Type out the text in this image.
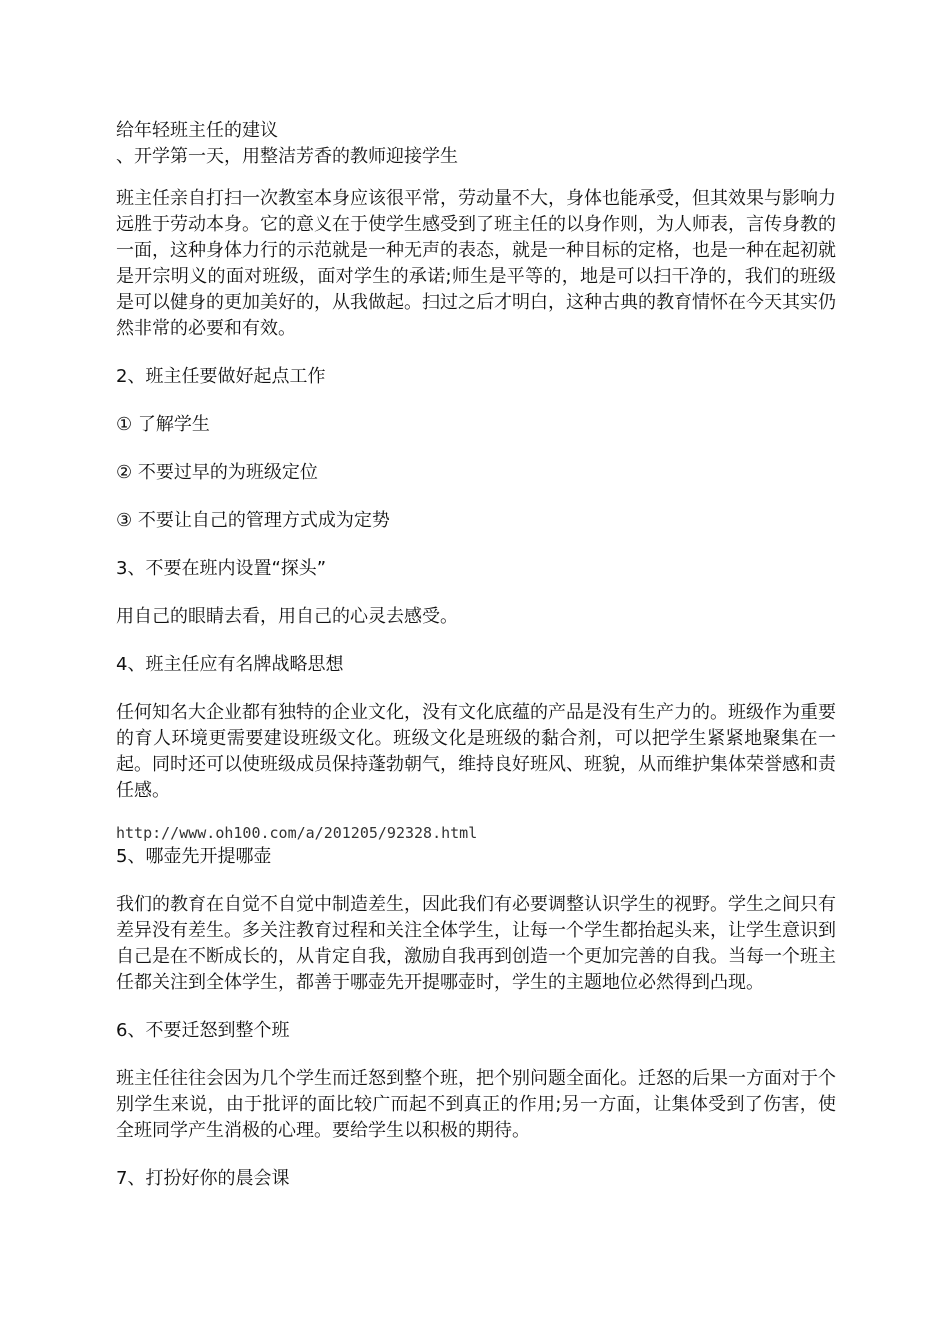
给年轻班主任的建议

、开学第一天，用整洁芳香的教师迎接学生

班主任亲自打扫一次教室本身应该很平常，劳动量不大，身体也能承受，但其效果与影响力远胜于劳动本身。它的意义在于使学生感受到了班主任的以身作则，为人师表，言传身教的一面，这种身体力行的示范就是一种无声的表态，就是一种目标的定格，也是一种在起初就是开宗明义的面对班级，面对学生的承诺;师生是平等的，地是可以扫干净的，我们的班级是可以健身的更加美好的，从我做起。扫过之后才明白，这种古典的教育情怀在今天其实仍然非常的必要和有效。

2、班主任要做好起点工作

① 了解学生

② 不要过早的为班级定位

③ 不要让自己的管理方式成为定势

3、不要在班内设置“探头”

用自己的眼睛去看，用自己的心灵去感受。

4、班主任应有名牌战略思想

任何知名大企业都有独特的企业文化，没有文化底蕴的产品是没有生产力的。班级作为重要的育人环境更需要建设班级文化。班级文化是班级的黏合剂，可以把学生紧紧地聚集在一起。同时还可以使班级成员保持蓬勃朝气，维持良好班风、班貌，从而维护集体荣誉感和责任感。

http://www.oh100.com/a/201205/92328.html

5、哪壶先开提哪壶

我们的教育在自觉不自觉中制造差生，因此我们有必要调整认识学生的视野。学生之间只有差异没有差生。多关注教育过程和关注全体学生，让每一个学生都抬起头来，让学生意识到自己是在不断成长的，从肯定自我，激励自我再到创造一个更加完善的自我。当每一个班主任都关注到全体学生，都善于哪壶先开提哪壶时，学生的主题地位必然得到凸现。

6、不要迁怒到整个班

班主任往往会因为几个学生而迁怒到整个班，把个别问题全面化。迁怒的后果一方面对于个别学生来说，由于批评的面比较广而起不到真正的作用;另一方面，让集体受到了伤害，使全班同学产生消极的心理。要给学生以积极的期待。

7、打扮好你的晨会课
